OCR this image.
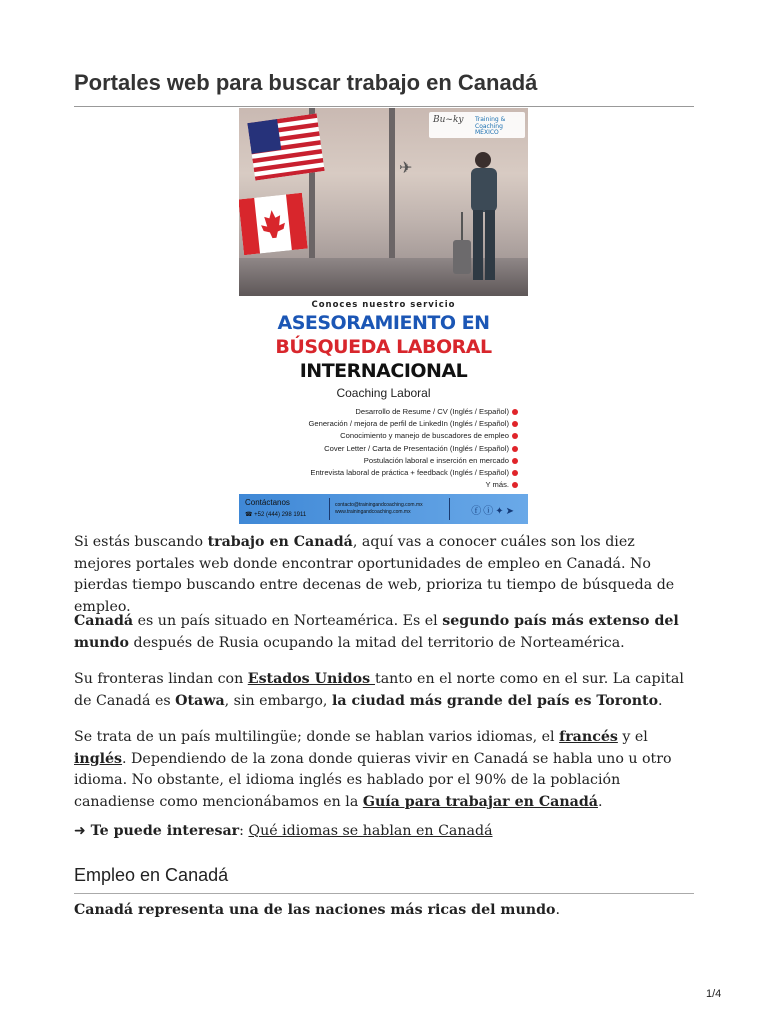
Portales web para buscar trabajo en Canadá
✈
Bu~ky Training & Coaching
MÉXICO
Conoces nuestro servicio
ASESORAMIENTO EN
BÚSQUEDA LABORAL
INTERNACIONAL
Coaching Laboral
Desarrollo de Resume / CV (Inglés / Español)
Generación / mejora de perfil de LinkedIn (Inglés / Español)
Conocimiento y manejo de buscadores de empleo
Cover Letter / Carta de Presentación (Inglés / Español)
Postulación laboral e inserción en mercado
Entrevista laboral de práctica + feedback (Inglés / Español)
Y más.
Contáctanos
☎ +52 (444) 298 1911
contacto@trainingandcoaching.com.mx
www.trainingandcoaching.com.mx	ⓕⓘ✦➤

Si estás buscando trabajo en Canadá, aquí vas a conocer cuáles son los diez mejores portales web donde encontrar oportunidades de empleo en Canadá. No pierdas tiempo buscando entre decenas de web, prioriza tu tiempo de búsqueda de empleo.

Canadá es un país situado en Norteamérica. Es el segundo país más extenso del mundo después de Rusia ocupando la mitad del territorio de Norteamérica.

Su fronteras lindan con Estados Unidos tanto en el norte como en el sur. La capital de Canadá es Otawa, sin embargo, la ciudad más grande del país es Toronto.

Se trata de un país multilingüe; donde se hablan varios idiomas, el francés y el inglés. Dependiendo de la zona donde quieras vivir en Canadá se habla uno u otro idioma. No obstante, el idioma inglés es hablado por el 90% de la población canadiense como mencionábamos en la Guía para trabajar en Canadá.

➜ Te puede interesar: Qué idiomas se hablan en Canadá

Empleo en Canadá

Canadá representa una de las naciones más ricas del mundo.

1/4
